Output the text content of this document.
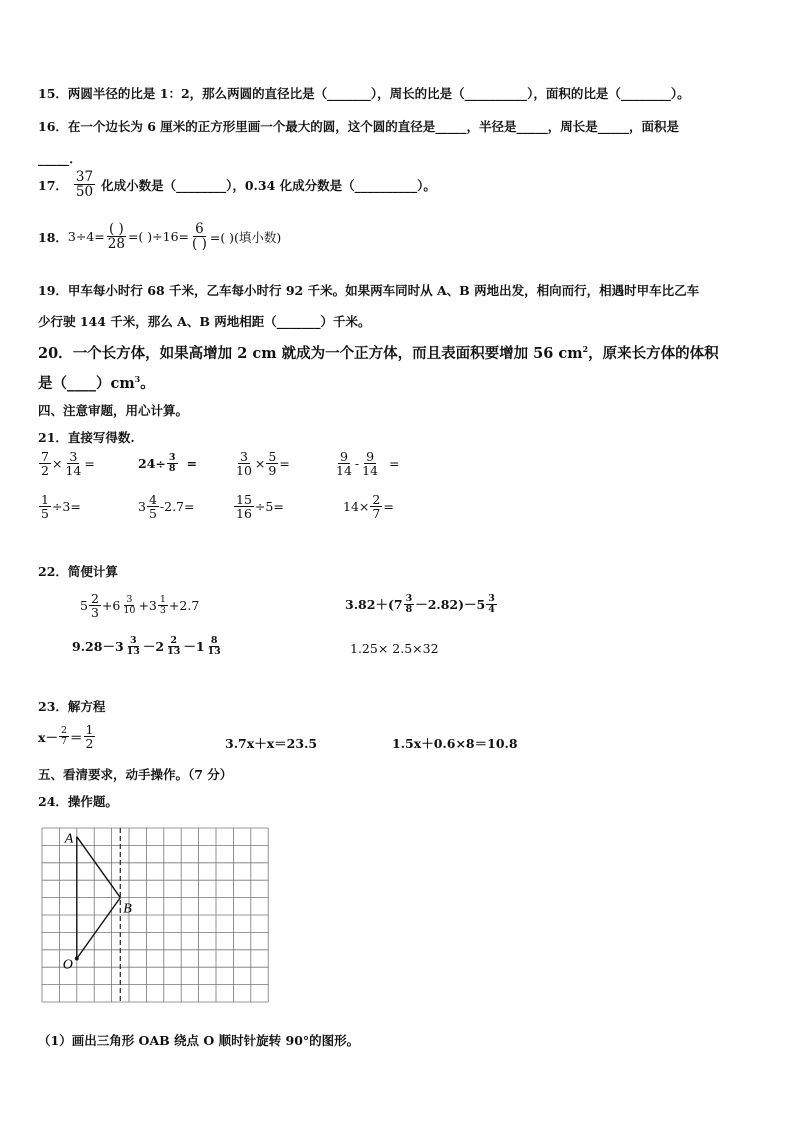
15．两圆半径的比是 1：2，那么两圆的直径比是（_______），周长的比是（__________），面积的比是（________）。
16．在一个边长为 6 厘米的正方形里画一个最大的圆，这个圆的直径是_____，半径是_____，周长是_____，面积是
_____．
17． $\frac{37}{50}$ 化成小数是（________），0.34 化成分数是（__________）。
18． $3\div 4= \frac{( )}{28}$ =( )$\div 16= \frac{6}{( )}$ =( )(填小数)
19．甲车每小时行 68 千米，乙车每小时行 92 千米。如果两车同时从 A、B 两地出发，相向而行，相遇时甲车比乙车
少行驶 144 千米，那么 A、B 两地相距（_______）千米。
20．一个长方体，如果高增加 2 cm 就成为一个正方体，而且表面积要增加 56 $cm^2$，原来长方体的体积
是$(\_\_\_\_)cm^3$。
四、注意审题，用心计算。
21．直接写得数.
$\frac{7}{2} \times \frac{3}{14}$ =	$24\div \frac{3}{8}$ =	$\frac{3}{10} \times \frac{5}{9}$ =	$\frac{9}{14} - \frac{9}{14}$ =
$\frac{1}{5} \div 3=$	$3 \frac{4}{5} -2.7=$	$\frac{15}{16} \div 5=$	$14\times \frac{2}{7}$ =
22．简便计算
$5 \frac{2}{3} +6 \frac{3}{10} +3 \frac{1}{3} +2.7$	$3.82+(7 \frac{3}{8} -2.82)-5 \frac{3}{4}$
$9.28-3 \frac{3}{13} -2 \frac{2}{13} -1 \frac{8}{13}$	1.25× 2.5×32
23．解方程
$x- \frac{2}{7} = \frac{1}{2}$	3.7x＋x＝23.5	1.5x＋0.6×8＝10.8
五、看清要求，动手操作。（7 分）
24．操作题。
A
B
O
（1）画出三角形 OAB 绕点 O 顺时针旋转 90°的图形。
